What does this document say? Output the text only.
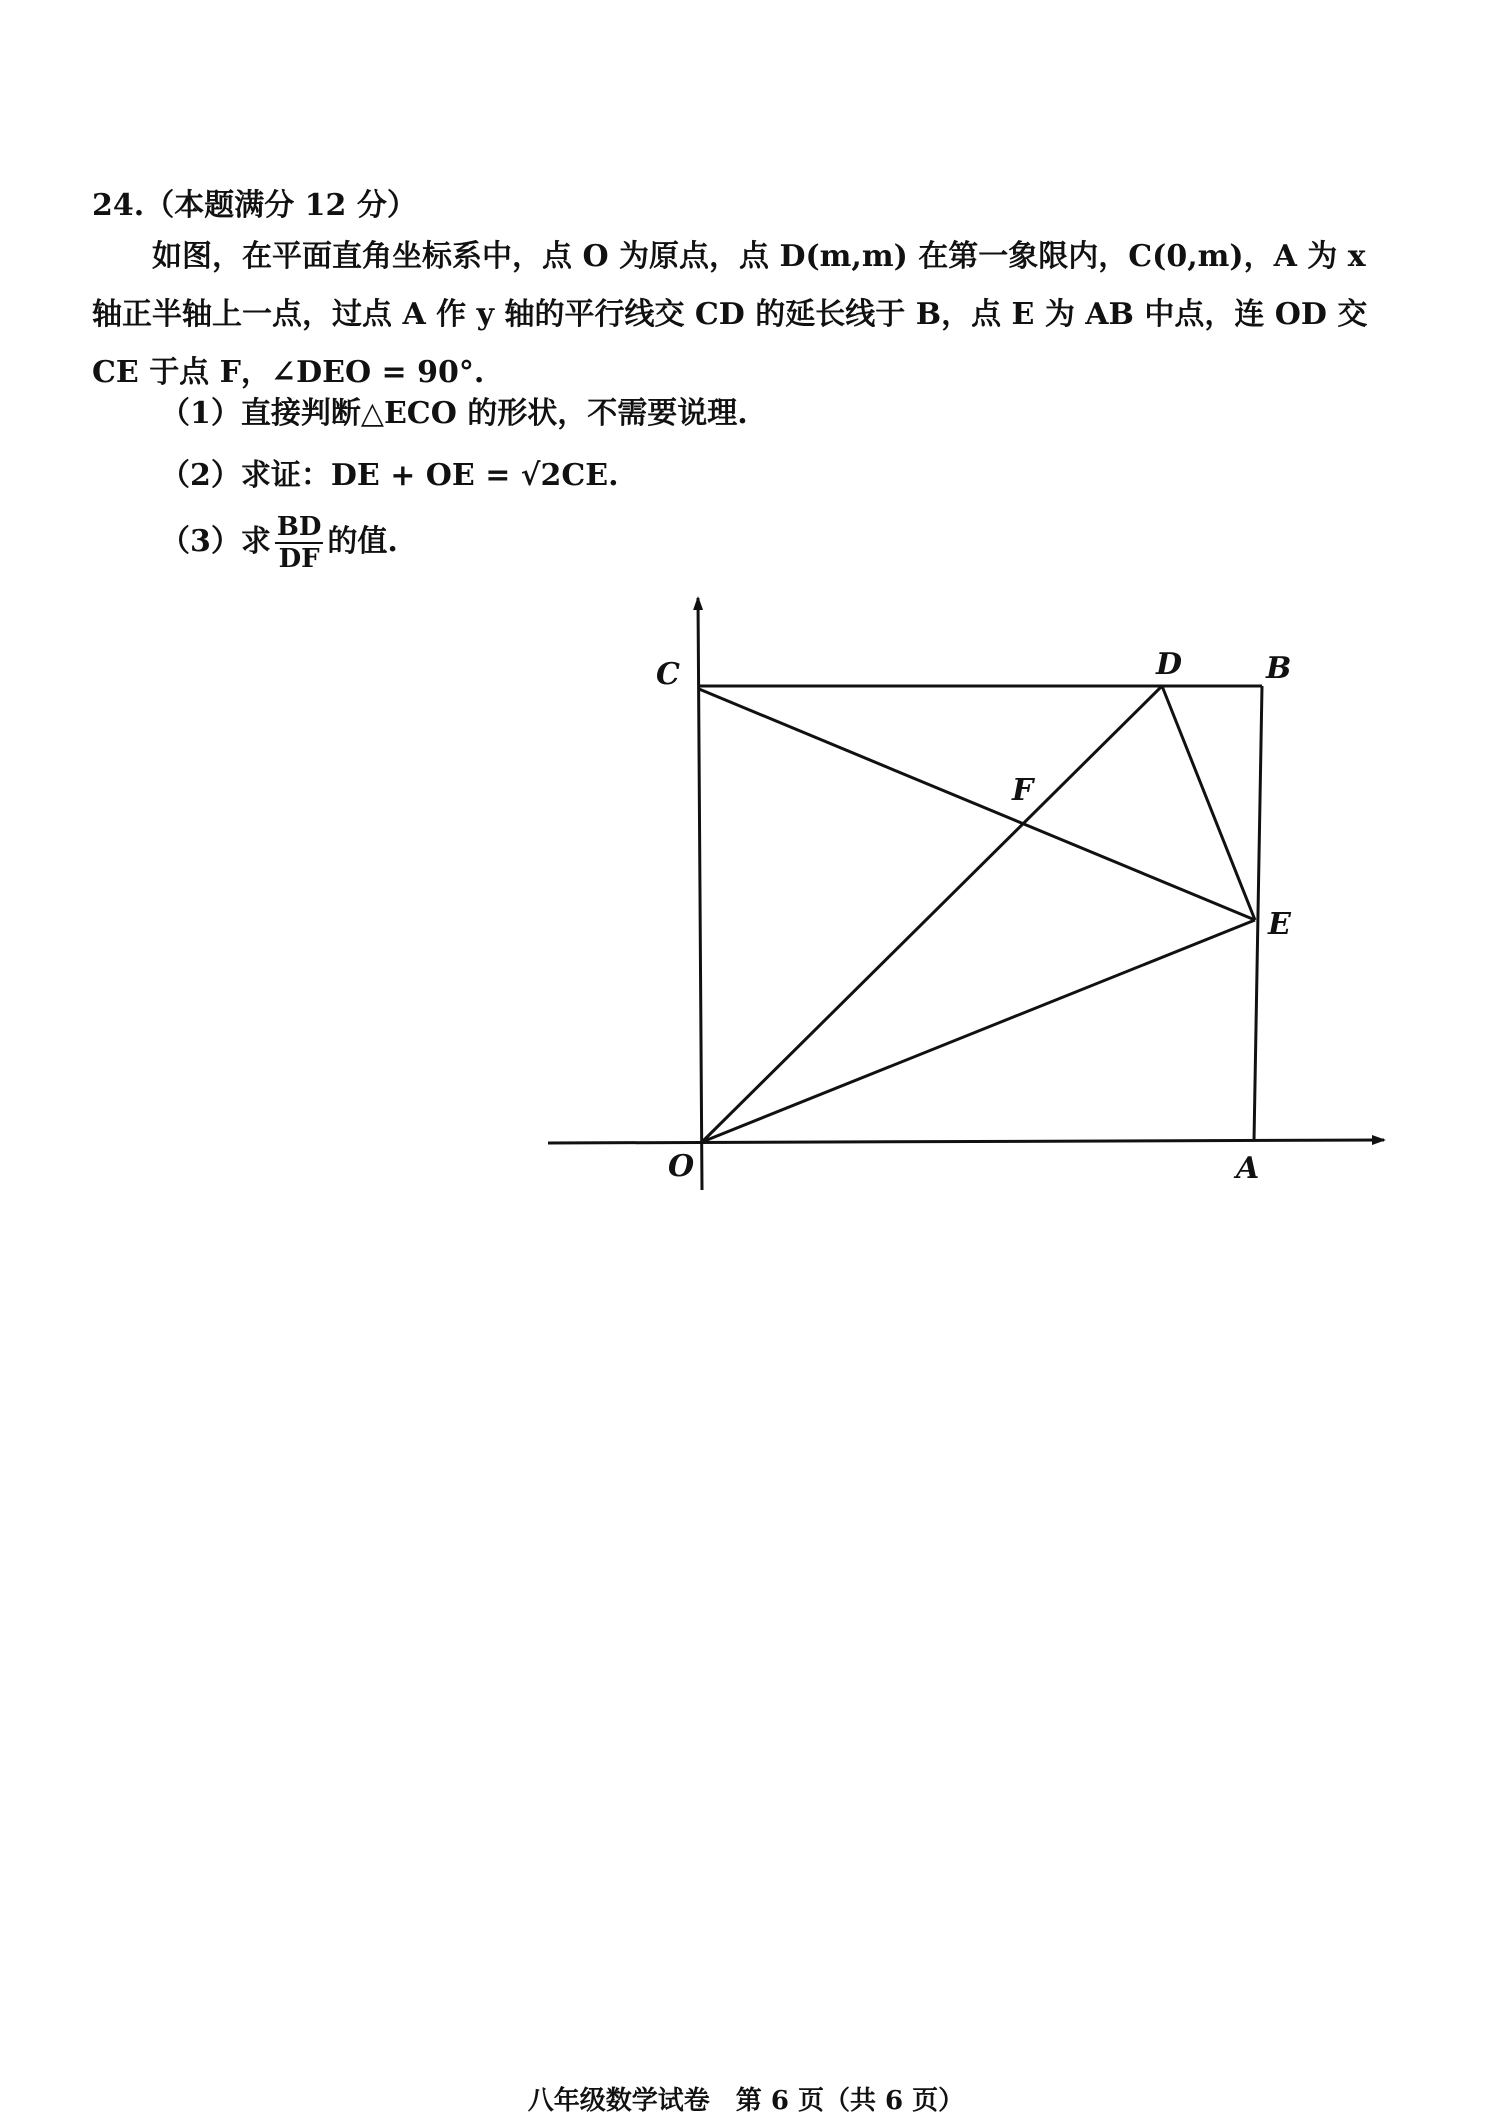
24.（本题满分 12 分）
如图，在平面直角坐标系中，点 O 为原点，点 D(m,m) 在第一象限内，C(0,m)，A 为 x 轴正半轴上一点，过点 A 作 y 轴的平行线交 CD 的延长线于 B，点 E 为 AB 中点，连 OD 交 CE 于点 F，∠DEO = 90°.
（1）直接判断△ECO 的形状，不需要说理.
（2）求证：DE + OE = √2CE.
（3）求 $\frac{BD}{DF}$ 的值.
C	D	B
F
E
O	A
八年级数学试卷　第 6 页（共 6 页）
